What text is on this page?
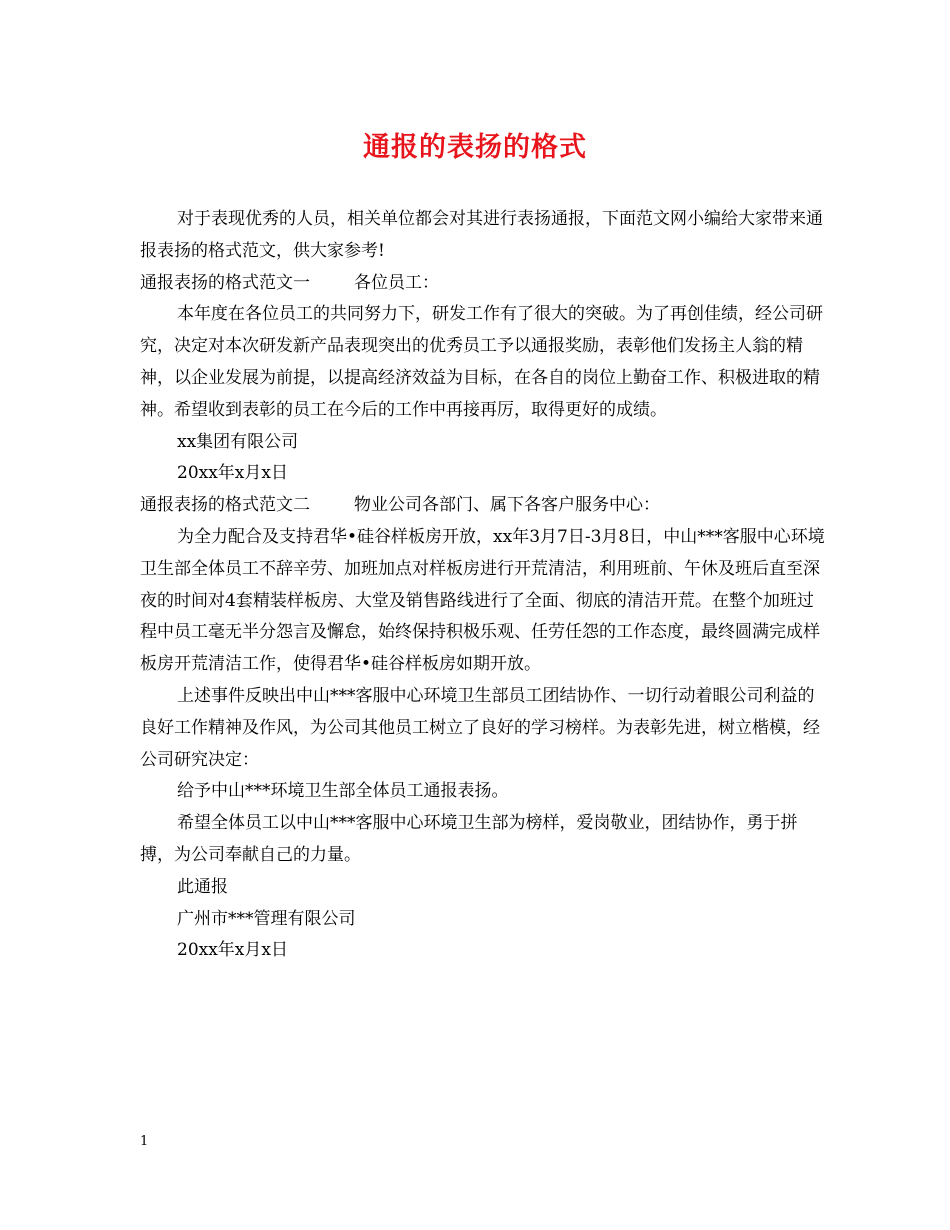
通报的表扬的格式

对于表现优秀的人员，相关单位都会对其进行表扬通报，下面范文网小编给大家带来通报表扬的格式范文，供大家参考!

通报表扬的格式范文一	各位员工：

本年度在各位员工的共同努力下，研发工作有了很大的突破。为了再创佳绩，经公司研究，决定对本次研发新产品表现突出的优秀员工予以通报奖励，表彰他们发扬主人翁的精神，以企业发展为前提，以提高经济效益为目标，在各自的岗位上勤奋工作、积极进取的精神。希望收到表彰的员工在今后的工作中再接再厉，取得更好的成绩。

xx集团有限公司

20xx年x月x日

通报表扬的格式范文二	物业公司各部门、属下各客户服务中心：

为全力配合及支持君华•硅谷样板房开放，xx年3月7日-3月8日，中山***客服中心环境卫生部全体员工不辞辛劳、加班加点对样板房进行开荒清洁，利用班前、午休及班后直至深夜的时间对4套精装样板房、大堂及销售路线进行了全面、彻底的清洁开荒。在整个加班过程中员工毫无半分怨言及懈怠，始终保持积极乐观、任劳任怨的工作态度，最终圆满完成样板房开荒清洁工作，使得君华•硅谷样板房如期开放。

上述事件反映出中山***客服中心环境卫生部员工团结协作、一切行动着眼公司利益的良好工作精神及作风，为公司其他员工树立了良好的学习榜样。为表彰先进，树立楷模，经公司研究决定：

给予中山***环境卫生部全体员工通报表扬。

希望全体员工以中山***客服中心环境卫生部为榜样，爱岗敬业，团结协作，勇于拼搏，为公司奉献自己的力量。

此通报

广州市***管理有限公司

20xx年x月x日

1
